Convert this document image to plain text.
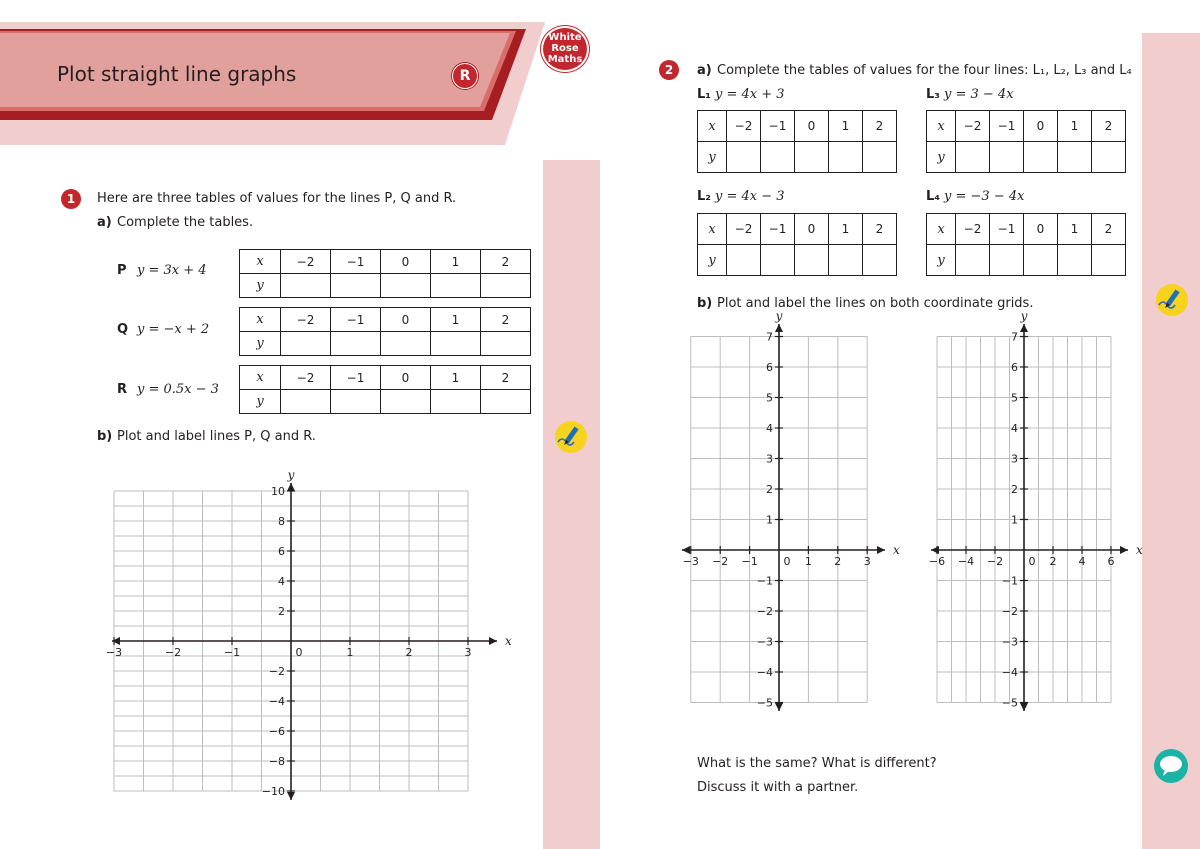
Plot straight line graphs	R
1	Here are three tables of values for the lines P, Q and R.
a) Complete the tables.
P y = 3x + 4
x	−2	−1	0	1	2
y					
Q y = −x + 2
x	−2	−1	0	1	2
y					
R y = 0.5x − 3
x	−2	−1	0	1	2
y					
b) Plot and label lines P, Q and R.
x
y
−3	−2	−1	0	1	2	3
10
8
6
4
2
−2
−4
−6
−8
−10
White
Rose
Maths
2	a) Complete the tables of values for the four lines: L₁, L₂, L₃ and L₄
L₁ y = 4x + 3
x	−2	−1	0	1	2
y					
L₃ y = 3 − 4x
x	−2	−1	0	1	2
y					
L₂ y = 4x − 3
x	−2	−1	0	1	2
y					
L₄ y = −3 − 4x
x	−2	−1	0	1	2
y					
b) Plot and label the lines on both coordinate grids.
x
y
−3 −2 −1 0 1 2 3
7
6
5
4
3
2
1
−1
−2
−3
−4
−5
x
y
−6 −4 −2 0 2 4 6
7
6
5
4
3
2
1
−1
−2
−3
−4
−5
What is the same? What is different?
Discuss it with a partner.
